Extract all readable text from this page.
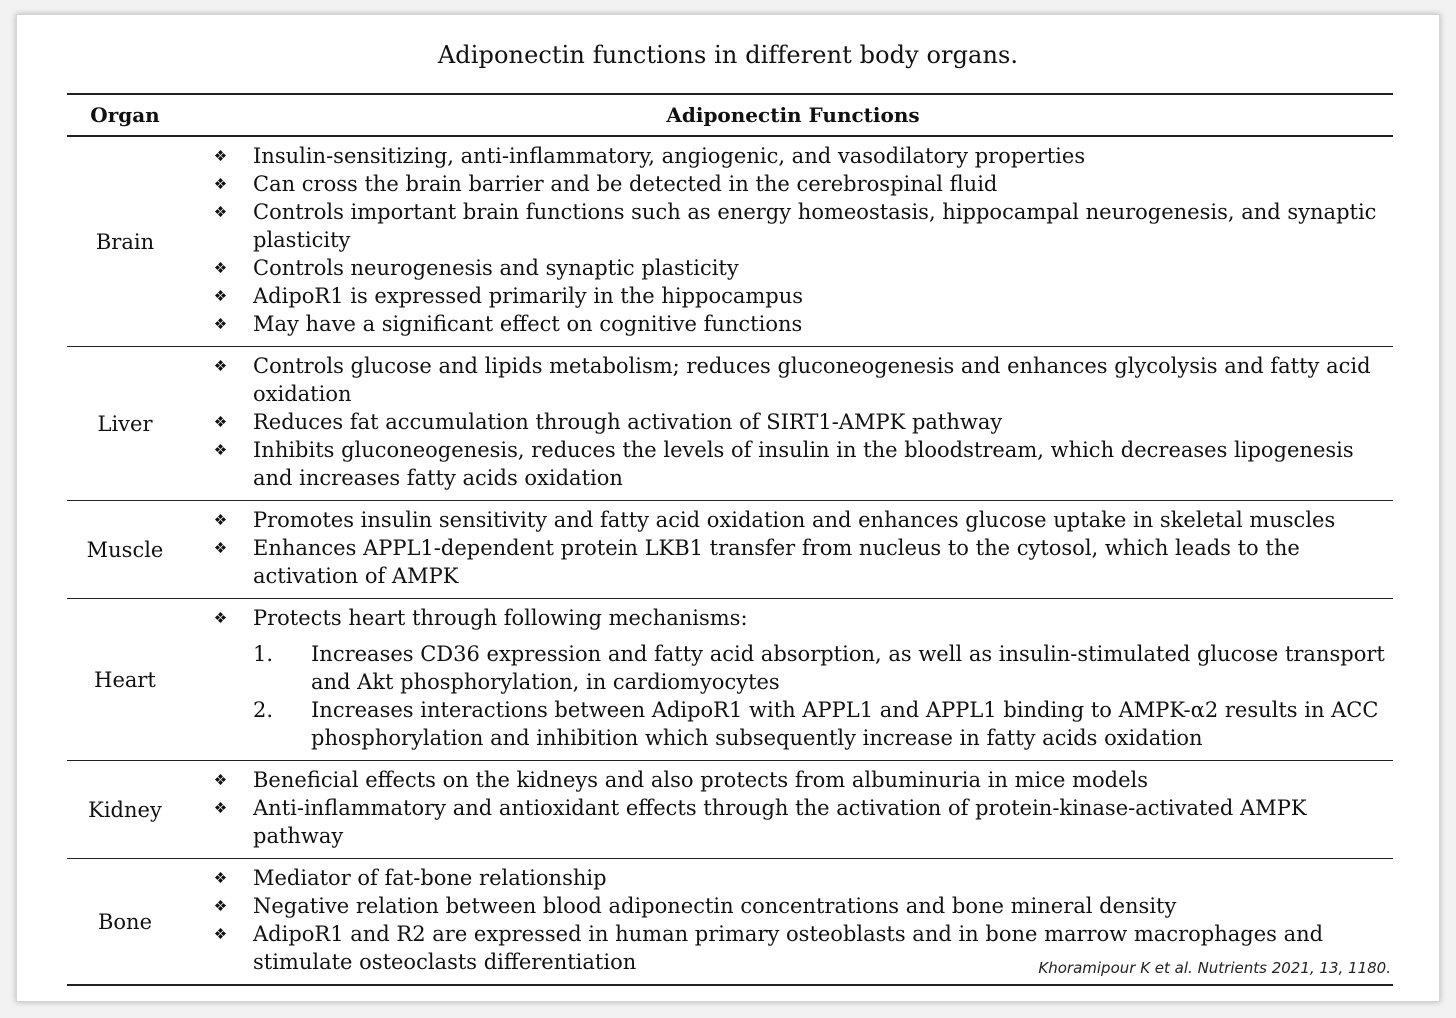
Adiponectin functions in different body organs.
Organ	Adiponectin Functions
Brain
❖	Insulin-sensitizing, anti-inflammatory, angiogenic, and vasodilatory properties
❖	Can cross the brain barrier and be detected in the cerebrospinal fluid
❖	Controls important brain functions such as energy homeostasis, hippocampal neurogenesis, and synaptic plasticity
❖	Controls neurogenesis and synaptic plasticity
❖	AdipoR1 is expressed primarily in the hippocampus
❖	May have a significant effect on cognitive functions
Liver
❖	Controls glucose and lipids metabolism; reduces gluconeogenesis and enhances glycolysis and fatty acid oxidation
❖	Reduces fat accumulation through activation of SIRT1-AMPK pathway
❖	Inhibits gluconeogenesis, reduces the levels of insulin in the bloodstream, which decreases lipogenesis and increases fatty acids oxidation
Muscle
❖	Promotes insulin sensitivity and fatty acid oxidation and enhances glucose uptake in skeletal muscles
❖	Enhances APPL1-dependent protein LKB1 transfer from nucleus to the cytosol, which leads to the activation of AMPK
Heart
❖	Protects heart through following mechanisms:
1.	Increases CD36 expression and fatty acid absorption, as well as insulin-stimulated glucose transport and Akt phosphorylation, in cardiomyocytes
2.	Increases interactions between AdipoR1 with APPL1 and APPL1 binding to AMPK-α2 results in ACC phosphorylation and inhibition which subsequently increase in fatty acids oxidation
Kidney
❖	Beneficial effects on the kidneys and also protects from albuminuria in mice models
❖	Anti-inflammatory and antioxidant effects through the activation of protein-kinase-activated AMPK pathway
Bone
❖	Mediator of fat-bone relationship
❖	Negative relation between blood adiponectin concentrations and bone mineral density
❖	AdipoR1 and R2 are expressed in human primary osteoblasts and in bone marrow macrophages and stimulate osteoclasts differentiation	Khoramipour K et al. Nutrients 2021, 13, 1180.
